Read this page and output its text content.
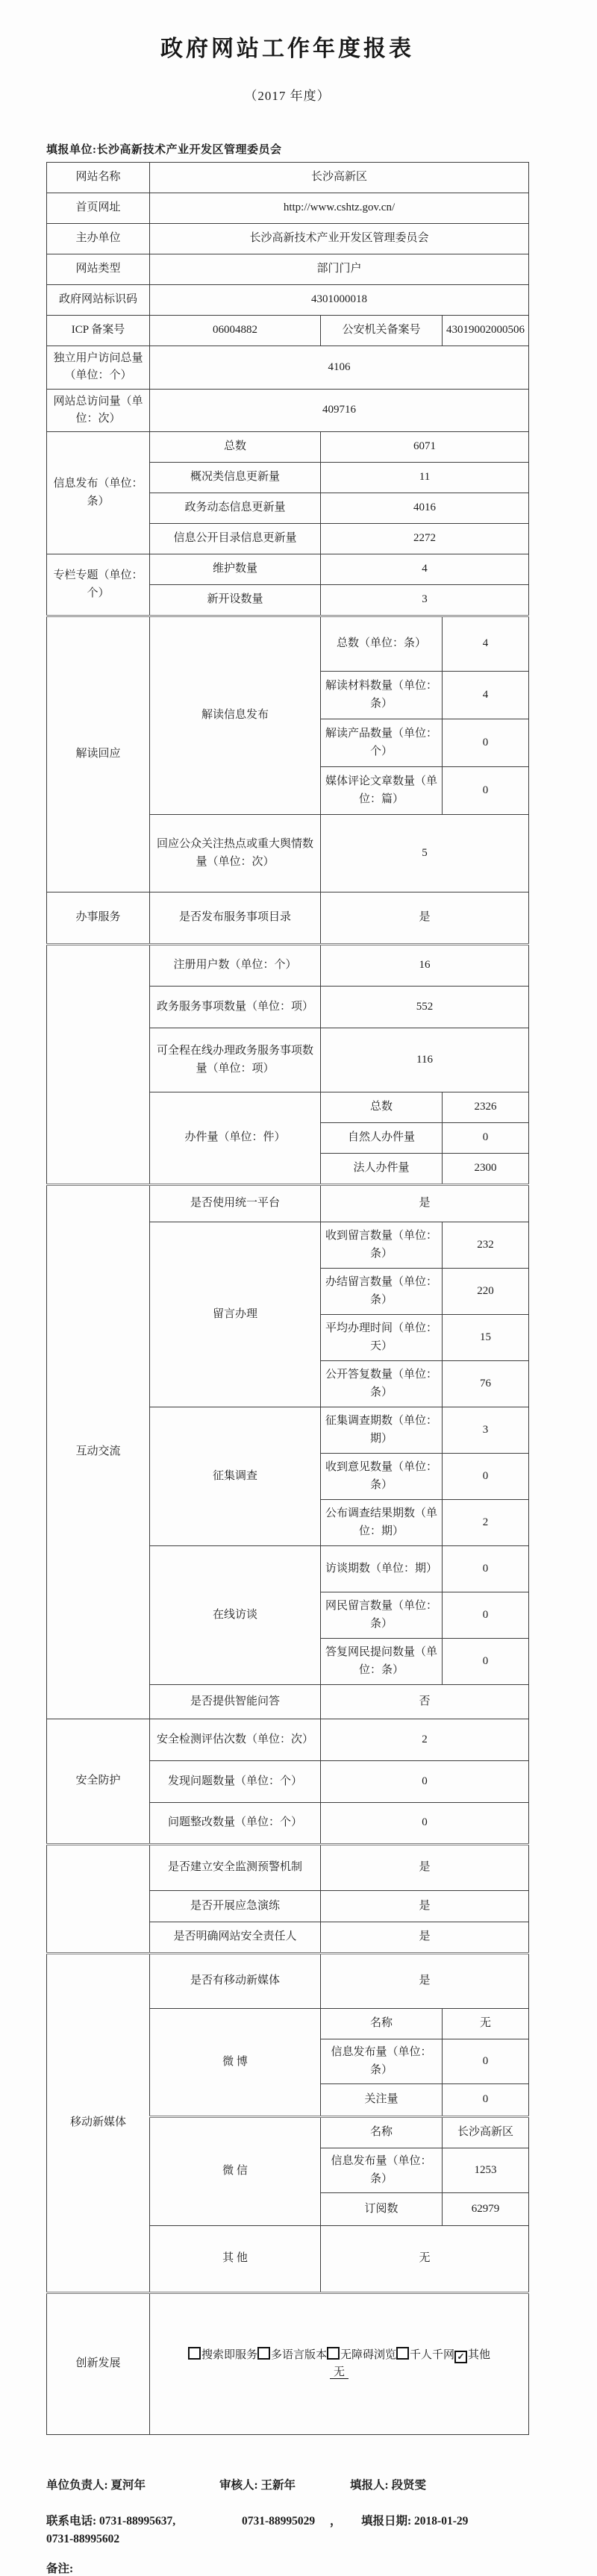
政府网站工作年度报表
（2017 年度）
填报单位:长沙高新技术产业开发区管理委员会
网站名称	长沙高新区		
首页网址	http://www.cshtz.gov.cn/		
主办单位	长沙高新技术产业开发区管理委员会		
网站类型	部门门户		
政府网站标识码	4301000018		
ICP 备案号	06004882	公安机关备案号	43019002000506
独立用户访问总量（单位：个）	4106		
网站总访问量（单位：次）	409716		
信息发布（单位：条）	总数	6071	
	概况类信息更新量	11	
	政务动态信息更新量	4016	
	信息公开目录信息更新量	2272	
专栏专题（单位：个）	维护数量	4	
	新开设数量	3	
解读回应	解读信息发布	总数（单位：条）	4
		解读材料数量（单位：条）	4
		解读产品数量（单位：个）	0
		媒体评论文章数量（单位：篇）	0
	回应公众关注热点或重大舆情数量（单位：次）	5	
办事服务	是否发布服务事项目录	是	
	注册用户数（单位：个）	16	
	政务服务事项数量（单位：项）	552	
	可全程在线办理政务服务事项数量（单位：项）	116	
	办件量（单位：件）	总数	2326
		自然人办件量	0
		法人办件量	2300
互动交流	是否使用统一平台	是	
	留言办理	收到留言数量（单位：条）	232
		办结留言数量（单位：条）	220
		平均办理时间（单位：天）	15
		公开答复数量（单位：条）	76
	征集调查	征集调查期数（单位：期）	3
		收到意见数量（单位：条）	0
		公布调查结果期数（单位：期）	2
	在线访谈	访谈期数（单位：期）	0
		网民留言数量（单位：条）	0
		答复网民提问数量（单位：条）	0
	是否提供智能问答	否	
安全防护	安全检测评估次数（单位：次）	2	
	发现问题数量（单位：个）	0	
	问题整改数量（单位：个）	0	
	是否建立安全监测预警机制	是	
	是否开展应急演练	是	
	是否明确网站安全责任人	是	
移动新媒体	是否有移动新媒体	是	
	微 博	名称	无
		信息发布量（单位：条）	0
		关注量	0
	微 信	名称	长沙高新区
		信息发布量（单位：条）	1253
		订阅数	62979
	其 他	无	
创新发展	搜索即服务 多语言版本 无障碍浏览 千人千网 ✓ 其他
无		
单位负责人: 夏河年	审核人: 王新年	填报人: 段贤雯
联系电话: 0731-88995637,	0731-88995029 ， 填报日期: 2018-01-29
0731-88995602
备注:
